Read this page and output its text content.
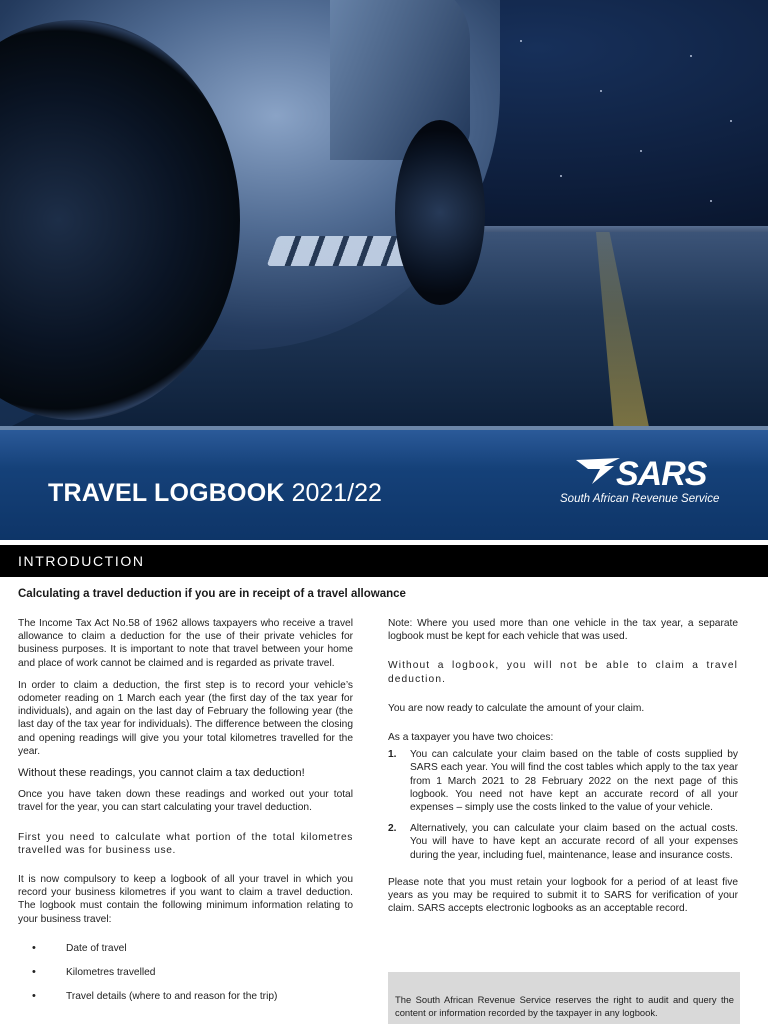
TRAVEL LOGBOOK 2021/22	SARS
South African Revenue Service
INTRODUCTION
Calculating a travel deduction if you are in receipt of a travel allowance

The Income Tax Act No.58 of 1962 allows taxpayers who receive a travel allowance to claim a deduction for the use of their private vehicles for business purposes. It is important to note that travel between your home and place of work cannot be claimed and is regarded as private travel.

In order to claim a deduction, the first step is to record your vehicle’s odometer reading on 1 March each year (the first day of the tax year for individuals), and again on the last day of February the following year (the last day of the tax year for individuals). The difference between the closing and opening readings will give you your total kilometres travelled for the year.

Without these readings, you cannot claim a tax deduction!

Once you have taken down these readings and worked out your total travel for the year, you can start calculating your travel deduction.

First you need to calculate what portion of the total kilometres travelled was for business use.

It is now compulsory to keep a logbook of all your travel in which you record your business kilometres if you want to claim a travel deduction. The logbook must contain the following minimum information relating to your business travel:

• Date of travel
• Kilometres travelled
• Travel details (where to and reason for the trip)

Note: Where you used more than one vehicle in the tax year, a separate logbook must be kept for each vehicle that was used.

Without a logbook, you will not be able to claim a travel deduction.

You are now ready to calculate the amount of your claim.

As a taxpayer you have two choices:

1. You can calculate your claim based on the table of costs supplied by SARS each year. You will find the cost tables which apply to the tax year from 1 March 2021 to 28 February 2022 on the next page of this logbook. You need not have kept an accurate record of all your expenses – simply use the costs linked to the value of your vehicle.
2. Alternatively, you can calculate your claim based on the actual costs. You will have to have kept an accurate record of all your expenses during the year, including fuel, maintenance, lease and insurance costs.

Please note that you must retain your logbook for a period of at least five years as you may be required to submit it to SARS for verification of your claim. SARS accepts electronic logbooks as an acceptable record.

The South African Revenue Service reserves the right to audit and query the content or information recorded by the taxpayer in any logbook.
